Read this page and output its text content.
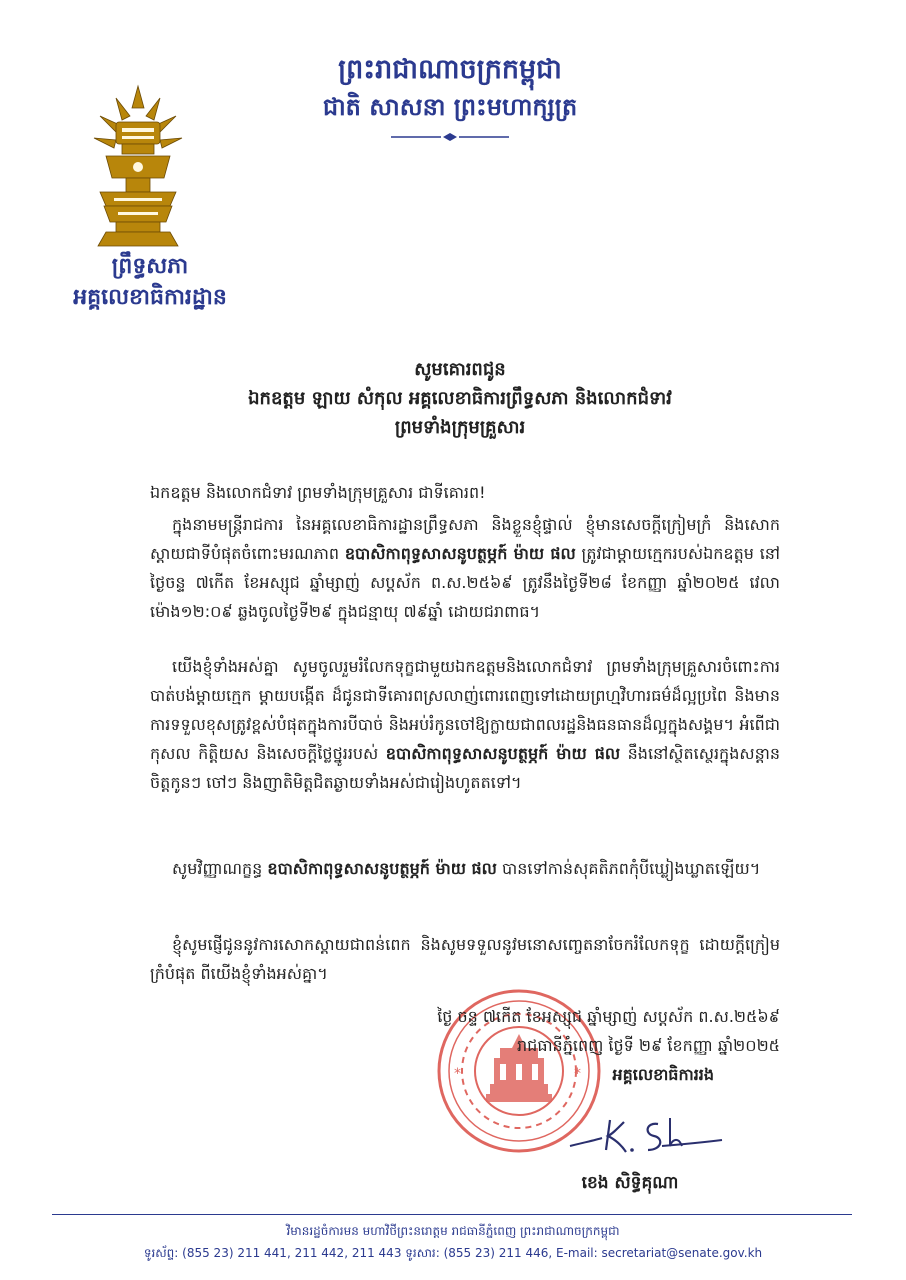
ព្រះរាជាណាចក្រកម្ពុជា
ជាតិ សាសនា ព្រះមហាក្សត្រ
ព្រឹទ្ធសភា
អគ្គលេខាធិការដ្ឋាន
សូមគោរពជូន
ឯកឧត្តម ឡាយ សំកុល អគ្គលេខាធិការព្រឹទ្ធសភា និងលោកជំទាវ
ព្រមទាំងក្រុមគ្រួសារ
ឯកឧត្តម និងលោកជំទាវ ព្រមទាំងក្រុមគ្រួសារ ជាទីគោរព!
ក្នុងនាមមន្ត្រីរាជការ នៃអគ្គលេខាធិការដ្ឋានព្រឹទ្ធសភា និងខ្លួនខ្ញុំផ្ទាល់ ខ្ញុំមានសេចក្តីក្រៀមក្រំ និងសោកស្តាយជាទីបំផុតចំពោះមរណភាព ឧបាសិកាពុទ្ធសាសនូបត្ថម្ភក៍ ម៉ាយ ផល ត្រូវជាម្តាយក្មេករបស់ឯកឧត្តម នៅថ្ងៃចន្ទ ៧កើត ខែអស្សុជ ឆ្នាំម្សាញ់ សប្តស័ក ព.ស.២៥៦៩ ត្រូវនឹងថ្ងៃទី២៨ ខែកញ្ញា ឆ្នាំ២០២៥ វេលាម៉ោង១២:០៩ ឆ្លងចូលថ្ងៃទី២៩ ក្នុងជន្មាយុ ៧៩ឆ្នាំ ដោយជរាពាធ។
យើងខ្ញុំទាំងអស់គ្នា សូមចូលរួមរំលែកទុក្ខជាមួយឯកឧត្តមនិងលោកជំទាវ ព្រមទាំងក្រុមគ្រួសារចំពោះការបាត់បង់ម្តាយក្មេក ម្តាយបង្កើត ដ៏ជូនជាទីគោរពស្រលាញ់ពោរពេញទៅដោយព្រហ្មវិហារធម៌ដ៏ល្អប្រពៃ និងមានការទទួលខុសត្រូវខ្ពស់បំផុតក្នុងការបីបាច់ និងអប់រំកូនចៅឱ្យក្លាយជាពលរដ្ឋនិងធនធានដ៏ល្អក្នុងសង្គម។ អំពើជាកុសល កិត្តិយស និងសេចក្តីថ្លៃថ្នូររបស់ ឧបាសិកាពុទ្ធសាសនូបត្ថម្ភក៍ ម៉ាយ ផល នឹងនៅស្ថិតស្ថេរក្នុងសន្តានចិត្តកូនៗ ចៅៗ និងញាតិមិត្តជិតឆ្ងាយទាំងអស់ជារៀងហូតតទៅ។
សូមវិញ្ញាណក្ខន្ធ ឧបាសិកាពុទ្ធសាសនូបត្ថម្ភក៍ ម៉ាយ ផល បានទៅកាន់សុគតិភពកុំបីឃ្លៀងឃ្លាតឡើយ។
ខ្ញុំសូមផ្ញើជូននូវការសោកស្តាយជាពន់ពេក និងសូមទទួលនូវមនោសញ្ចេតនាចែករំលែកទុក្ខ ដោយក្តីក្រៀមក្រំបំផុត ពីយើងខ្ញុំទាំងអស់គ្នា។
*	*
ថ្ងៃ ចន្ទ ៧កើត ខែអស្សុជ ឆ្នាំម្សាញ់ សប្តស័ក ព.ស.២៥៦៩
រាជធានីភ្នំពេញ ថ្ងៃទី ២៩ ខែកញ្ញា ឆ្នាំ២០២៥
អគ្គលេខាធិការរង
ខេង សិទ្ធិគុណា
វិមានរដ្ឋចំការមន មហាវិថីព្រះនរោត្តម រាជធានីភ្នំពេញ ព្រះរាជាណាចក្រកម្ពុជា
ទូរស័ព្ទ: (855 23) 211 441, 211 442, 211 443 ទូរសារ: (855 23) 211 446, E-mail: secretariat@senate.gov.kh
